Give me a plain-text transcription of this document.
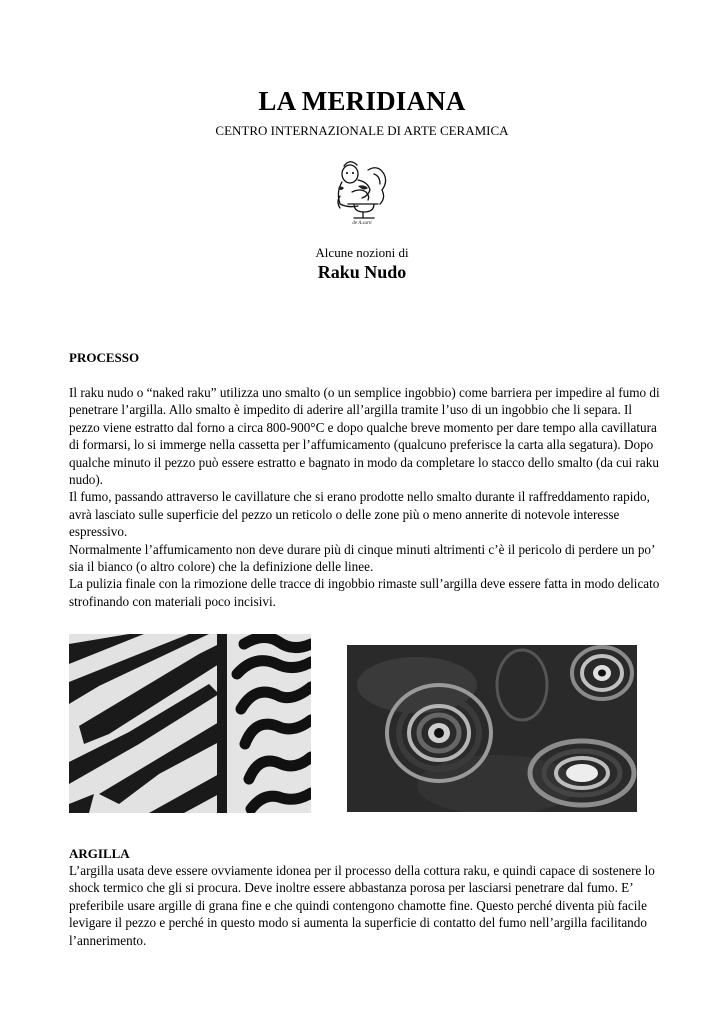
LA MERIDIANA
CENTRO INTERNAZIONALE DI ARTE CERAMICA
de A.sarti
Alcune nozioni di
Raku Nudo
PROCESSO

Il raku nudo o “naked raku” utilizza uno smalto (o un semplice ingobbio) come barriera per impedire al fumo di penetrare l’argilla. Allo smalto è impedito di aderire all’argilla tramite l’uso di un ingobbio che li separa. Il pezzo viene estratto dal forno a circa 800-900°C e dopo qualche breve momento per dare tempo alla cavillatura di formarsi, lo si immerge nella cassetta per l’affumicamento (qualcuno preferisce la carta alla segatura). Dopo qualche minuto il pezzo può essere estratto e bagnato in modo da completare lo stacco dello smalto (da cui raku nudo).

Il fumo, passando attraverso le cavillature che si erano prodotte nello smalto durante il raffreddamento rapido, avrà lasciato sulle superficie del pezzo un reticolo o delle zone più o meno annerite di notevole interesse espressivo.

Normalmente l’affumicamento non deve durare più di cinque minuti altrimenti c’è il pericolo di perdere un po’ sia il bianco (o altro colore) che la definizione delle linee.

La pulizia finale con la rimozione delle tracce di ingobbio rimaste sull’argilla deve essere fatta in modo delicato strofinando con materiali poco incisivi.

ARGILLA

L’argilla usata deve essere ovviamente idonea per il processo della cottura raku, e quindi capace di sostenere lo shock termico che gli si procura. Deve inoltre essere abbastanza porosa per lasciarsi penetrare dal fumo. E’ preferibile usare argille di grana fine e che quindi contengono chamotte fine. Questo perché diventa più facile levigare il pezzo e perché in questo modo si aumenta la superficie di contatto del fumo nell’argilla facilitando l’annerimento.
